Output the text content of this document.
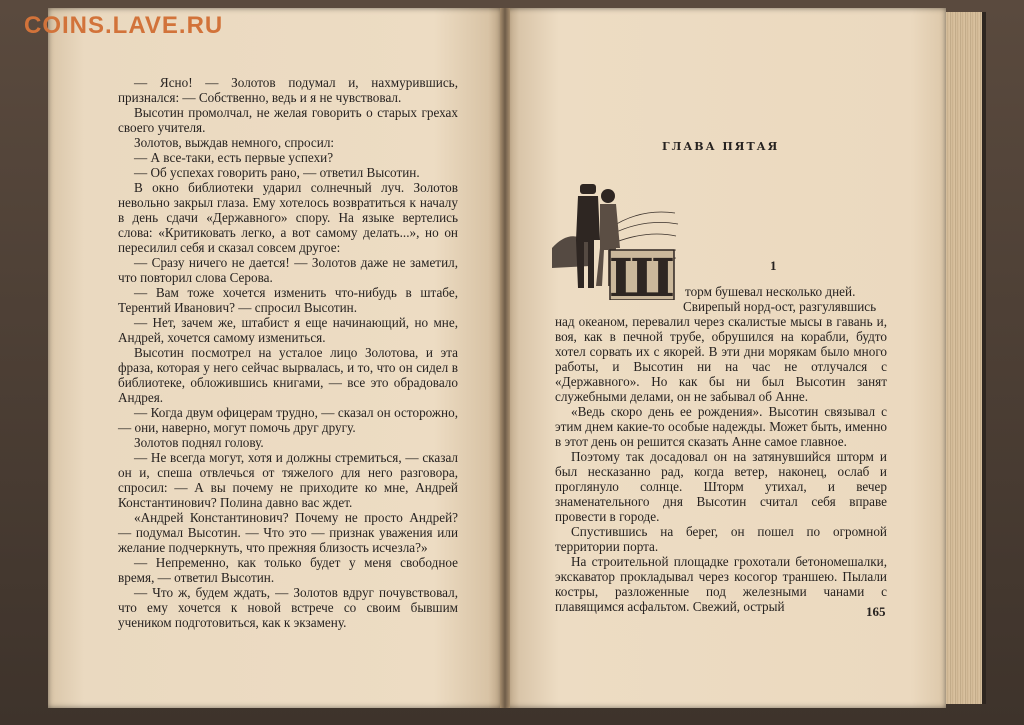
COINS.LAVE.RU

— Ясно! — Золотов подумал и, нахмурившись, признался: — Собственно, ведь и я не чувствовал.

Высотин промолчал, не желая говорить о старых грехах своего учителя.

Золотов, выждав немного, спросил:

— А все-таки, есть первые успехи?

— Об успехах говорить рано, — ответил Высотин.

В окно библиотеки ударил солнечный луч. Золотов невольно закрыл глаза. Ему хотелось возвратиться к началу в день сдачи «Державного» спору. На языке вертелись слова: «Критиковать легко, а вот самому делать...», но он пересилил себя и сказал совсем другое:

— Сразу ничего не дается! — Золотов даже не заметил, что повторил слова Серова.

— Вам тоже хочется изменить что-нибудь в штабе, Терентий Иванович? — спросил Высотин.

— Нет, зачем же, штабист я еще начинающий, но мне, Андрей, хочется самому измениться.

Высотин посмотрел на усталое лицо Золотова, и эта фраза, которая у него сейчас вырвалась, и то, что он сидел в библиотеке, обложившись книгами, — все это обрадовало Андрея.

— Когда двум офицерам трудно, — сказал он осторожно, — они, наверно, могут помочь друг другу.

Золотов поднял голову.

— Не всегда могут, хотя и должны стремиться, — сказал он и, спеша отвлечься от тяжелого для него разговора, спросил: — А вы почему не приходите ко мне, Андрей Константинович? Полина давно вас ждет.

«Андрей Константинович? Почему не просто Андрей? — подумал Высотин. — Что это — признак уважения или желание подчеркнуть, что прежняя близость исчезла?»

— Непременно, как только будет у меня свободное время, — ответил Высотин.

— Что ж, будем ждать, — Золотов вдруг почувствовал, что ему хочется к новой встрече со своим бывшим учеником подготовиться, как к экзамену.

ГЛАВА ПЯТАЯ
Ш	1

торм бушевал несколько дней.

Свирепый норд-ост, разгулявшись

над океаном, перевалил через скалистые мысы в гавань и, воя, как в печной трубе, обрушился на корабли, будто хотел сорвать их с якорей. В эти дни морякам было много работы, и Высотин ни на час не отлучался с «Державного». Но как бы ни был Высотин занят служебными делами, он не забывал об Анне.

«Ведь скоро день ее рождения». Высотин связывал с этим днем какие-то особые надежды. Может быть, именно в этот день он решится сказать Анне самое главное.

Поэтому так досадовал он на затянувшийся шторм и был несказанно рад, когда ветер, наконец, ослаб и проглянуло солнце. Шторм утихал, и вечер знаменательного дня Высотин считал себя вправе провести в городе.

Спустившись на берег, он пошел по огромной территории порта.

На строительной площадке грохотали бетономешалки, экскаватор прокладывал через косогор траншею. Пылали костры, разложенные под железными чанами с плавящимся асфальтом. Свежий, острый	165
